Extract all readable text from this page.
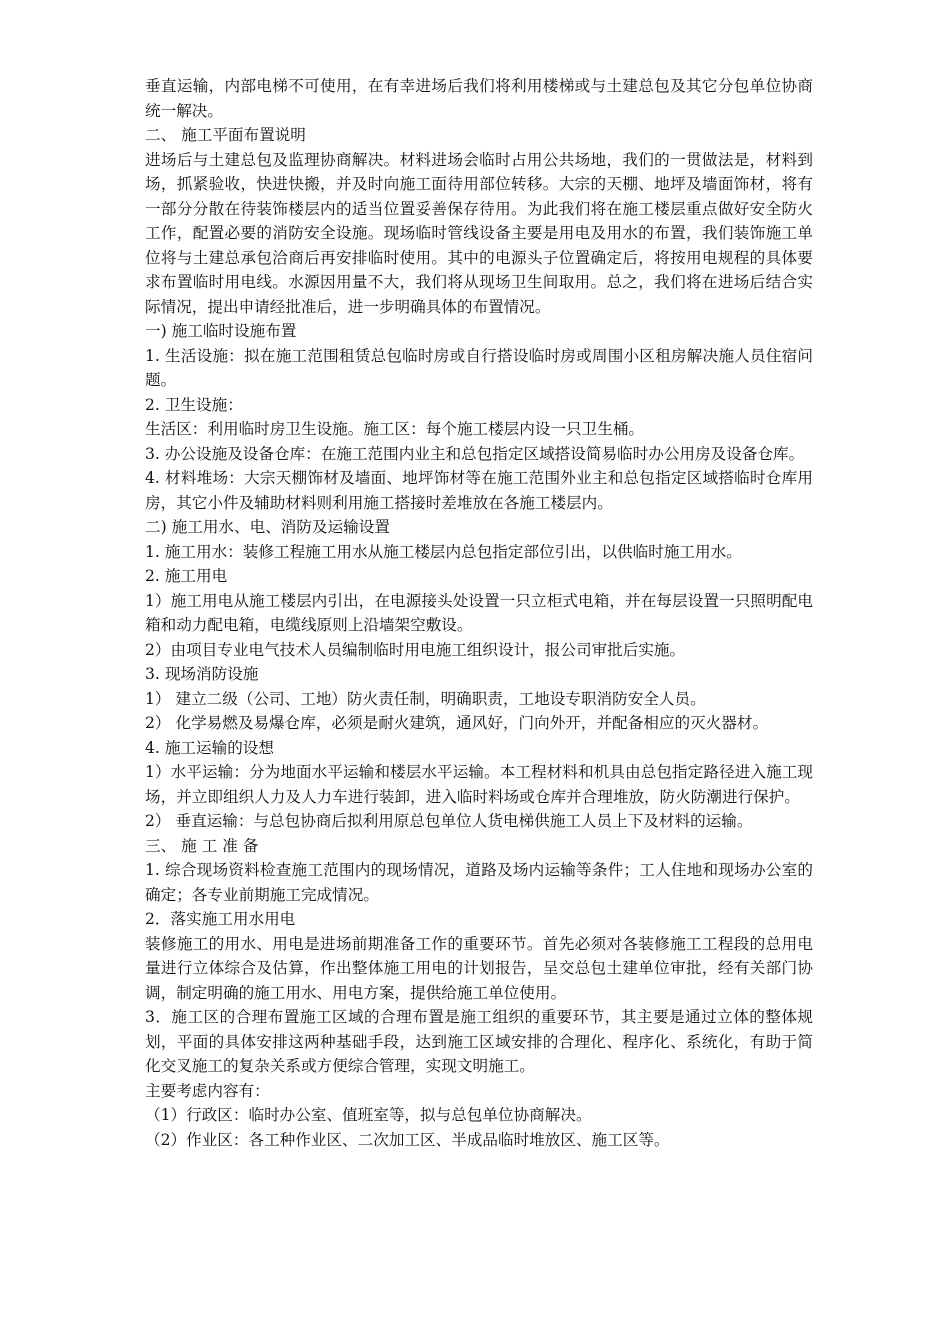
垂直运输，内部电梯不可使用，在有幸进场后我们将利用楼梯或与土建总包及其它分包单位协商统一解决。

二、 施工平面布置说明

进场后与土建总包及监理协商解决。材料进场会临时占用公共场地，我们的一贯做法是，材料到场，抓紧验收，快进快搬，并及时向施工面待用部位转移。大宗的天棚、地坪及墙面饰材，将有一部分分散在待装饰楼层内的适当位置妥善保存待用。为此我们将在施工楼层重点做好安全防火工作，配置必要的消防安全设施。现场临时管线设备主要是用电及用水的布置，我们装饰施工单位将与土建总承包洽商后再安排临时使用。其中的电源头子位置确定后，将按用电规程的具体要求布置临时用电线。水源因用量不大，我们将从现场卫生间取用。总之，我们将在进场后结合实际情况，提出申请经批准后，进一步明确具体的布置情况。

一) 施工临时设施布置

1. 生活设施：拟在施工范围租赁总包临时房或自行搭设临时房或周围小区租房解决施人员住宿问题。

2. 卫生设施：

生活区：利用临时房卫生设施。施工区：每个施工楼层内设一只卫生桶。

3. 办公设施及设备仓库：在施工范围内业主和总包指定区域搭设简易临时办公用房及设备仓库。

4. 材料堆场：大宗天棚饰材及墙面、地坪饰材等在施工范围外业主和总包指定区域搭临时仓库用房，其它小件及辅助材料则利用施工搭接时差堆放在各施工楼层内。

二) 施工用水、电、消防及运输设置

1. 施工用水：装修工程施工用水从施工楼层内总包指定部位引出，以供临时施工用水。

2. 施工用电

1）施工用电从施工楼层内引出，在电源接头处设置一只立柜式电箱，并在每层设置一只照明配电箱和动力配电箱，电缆线原则上沿墙架空敷设。

2）由项目专业电气技术人员编制临时用电施工组织设计，报公司审批后实施。

3. 现场消防设施

1） 建立二级（公司、工地）防火责任制，明确职责，工地设专职消防安全人员。

2） 化学易燃及易爆仓库，必须是耐火建筑，通风好，门向外开，并配备相应的灭火器材。

4. 施工运输的设想

1）水平运输：分为地面水平运输和楼层水平运输。本工程材料和机具由总包指定路径进入施工现场，并立即组织人力及人力车进行装卸，进入临时料场或仓库并合理堆放，防火防潮进行保护。

2） 垂直运输：与总包协商后拟利用原总包单位人货电梯供施工人员上下及材料的运输。

三、 施 工 准 备

1. 综合现场资料检查施工范围内的现场情况，道路及场内运输等条件；工人住地和现场办公室的确定；各专业前期施工完成情况。

2．落实施工用水用电

装修施工的用水、用电是进场前期准备工作的重要环节。首先必须对各装修施工工程段的总用电量进行立体综合及估算，作出整体施工用电的计划报告，呈交总包土建单位审批，经有关部门协调，制定明确的施工用水、用电方案，提供给施工单位使用。

3．施工区的合理布置施工区域的合理布置是施工组织的重要环节，其主要是通过立体的整体规划，平面的具体安排这两种基础手段，达到施工区域安排的合理化、程序化、系统化，有助于简化交叉施工的复杂关系或方便综合管理，实现文明施工。

主要考虑内容有：

（1）行政区：临时办公室、值班室等，拟与总包单位协商解决。

（2）作业区：各工种作业区、二次加工区、半成品临时堆放区、施工区等。
